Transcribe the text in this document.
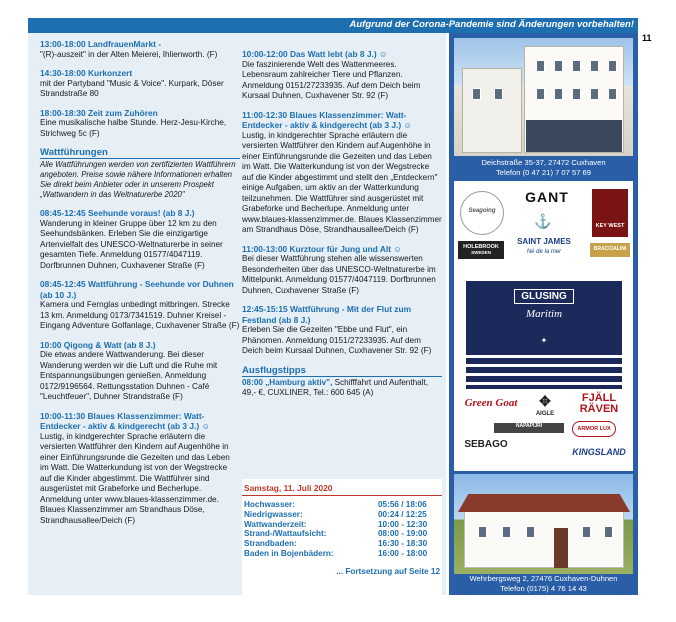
Aufgrund der Corona-Pandemie sind Änderungen vorbehalten!
11
13:00-18:00 LandfrauenMarkt -
"(R)-auszeit" in der Alten Meierei, Ihlienworth. (F)
14:30-18:00 Kurkonzert
mit der Partyband "Music & Voice". Kurpark, Döser Strandstraße 80
18:00-18:30 Zeit zum Zuhören
Eine musikalische halbe Stunde. Herz-Jesu-Kirche, Strichweg 5c (F)
Wattführungen
Alle Wattführungen werden von zertifizierten Wattführern angeboten. Preise sowie nähere Informationen erhalten Sie direkt beim Anbieter oder in unserem Prospekt „Wattwandern in das Weltnaturerbe 2020"
08:45-12:45 Seehunde voraus! (ab 8 J.)
Wanderung in kleiner Gruppe über 12 km zu den Seehundsbänken. Erleben Sie die einzigartige Artenvielfalt des UNESCO-Weltnaturerbe in seiner gesamten Tiefe. Anmeldung 01577/4047119. Dorfbrunnen Duhnen, Cuxhavener Straße (F)
08:45-12:45 Wattführung - Seehunde vor Duhnen (ab 10 J.)
Kamera und Fernglas unbedingt mitbringen. Strecke 13 km. Anmeldung 0173/7341519. Duhner Kreisel - Eingang Adventure Golfanlage, Cuxhavener Straße (F)
10:00 Qigong & Watt (ab 8 J.)
Die etwas andere Wattwanderung. Bei dieser Wanderung werden wir die Luft und die Ruhe mit Entspannungsübungen genießen. Anmeldung 0172/9196564. Rettungsstation Duhnen - Café "Leuchtfeuer", Duhner Strandstraße (F)
10:00-11:30 Blaues Klassenzimmer: Watt-Entdecker - aktiv & kindgerecht (ab 3 J.) ☺
Lustig, in kindgerechter Sprache erläutern die versierten Wattführer den Kindern auf Augenhöhe in einer Einführungsrunde die Gezeiten und das Leben im Watt. Die Watterkundung ist von der Wegstrecke auf die Kinder abgestimmt. Die Wattführer sind ausgerüstet mit Grabeforke und Becherlupe. Anmeldung unter www.blaues-klassenzimmer.de. Blaues Klassenzimmer am Strandhaus Döse, Strandhausallee/Deich (F)
10:00-12:00 Das Watt lebt (ab 8 J.) ☺
Die faszinierende Welt des Wattenmeeres. Lebensraum zahlreicher Tiere und Pflanzen. Anmeldung 0151/27233935. Auf dem Deich beim Kursaal Duhnen, Cuxhavener Str. 92 (F)
11:00-12:30 Blaues Klassenzimmer: Watt-Entdecker - aktiv & kindgerecht (ab 3 J.) ☺
Lustig, in kindgerechter Sprache erläutern die versierten Wattführer den Kindern auf Augenhöhe in einer Einführungsrunde die Gezeiten und das Leben im Watt. Die Watterkundung ist von der Wegstrecke auf die Kinder abgestimmt und stellt den „Entdeckern" einige Aufgaben, um aktiv an der Watterkundung teilzunehmen. Die Wattführer sind ausgerüstet mit Grabeforke und Becherlupe. Anmeldung unter www.blaues-klassenzimmer.de. Blaues Klassenzimmer am Strandhaus Döse, Strandhausallee/Deich (F)
11:00-13:00 Kurztour für Jung und Alt ☺
Bei dieser Wattführung stehen alle wissenswerten Besonderheiten über das UNESCO-Weltnaturerbe im Mittelpunkt. Anmeldung 01577/4047119. Dorfbrunnen Duhnen, Cuxhavener Straße (F)
12:45-15:15 Wattführung - Mit der Flut zum Festland (ab 8 J.)
Erleben Sie die Gezeiten "Ebbe und Flut", ein Phänomen. Anmeldung 0151/27233935. Auf dem Deich beim Kursaal Duhnen, Cuxhavener Str. 92 (F)
Ausflugstipps
08:00 „Hamburg aktiv", Schifffahrt und Aufenthalt, 49,- €, CUXLINER, Tel.: 600 645 (A)
Samstag, 11. Juli 2020
Hochwasser:	05:56 / 18:06
Niedrigwasser:	00:24 / 12:25
Wattwanderzeit:	10:00 - 12:30
Strand-/Wattaufsicht:	08:00 - 19:00
Strandbaden:	16:30 - 18:30
Baden in Bojenbädern:	16:00 - 18:00
... Fortsetzung auf Seite 12
Deichstraße 35-37, 27472 Cuxhaven
Telefon (0 47 21) 7 07 57 69
Seagoing
GANT
KEY WEST
⚓
SAINT JAMES
Né de la mer
HOLEBROOK
SWEDEN
BRACCIALINI
GLUSING
Maritim
✦
Green Goat	✥
AIGLE
FJÄLL
RÄVEN
NAPAPIJRI	ARMOR LUX
SEBAGO
KINGSLAND
Wehrbergsweg 2, 27476 Cuxhaven-Duhnen
Telefon (0175) 4 76 14 43
